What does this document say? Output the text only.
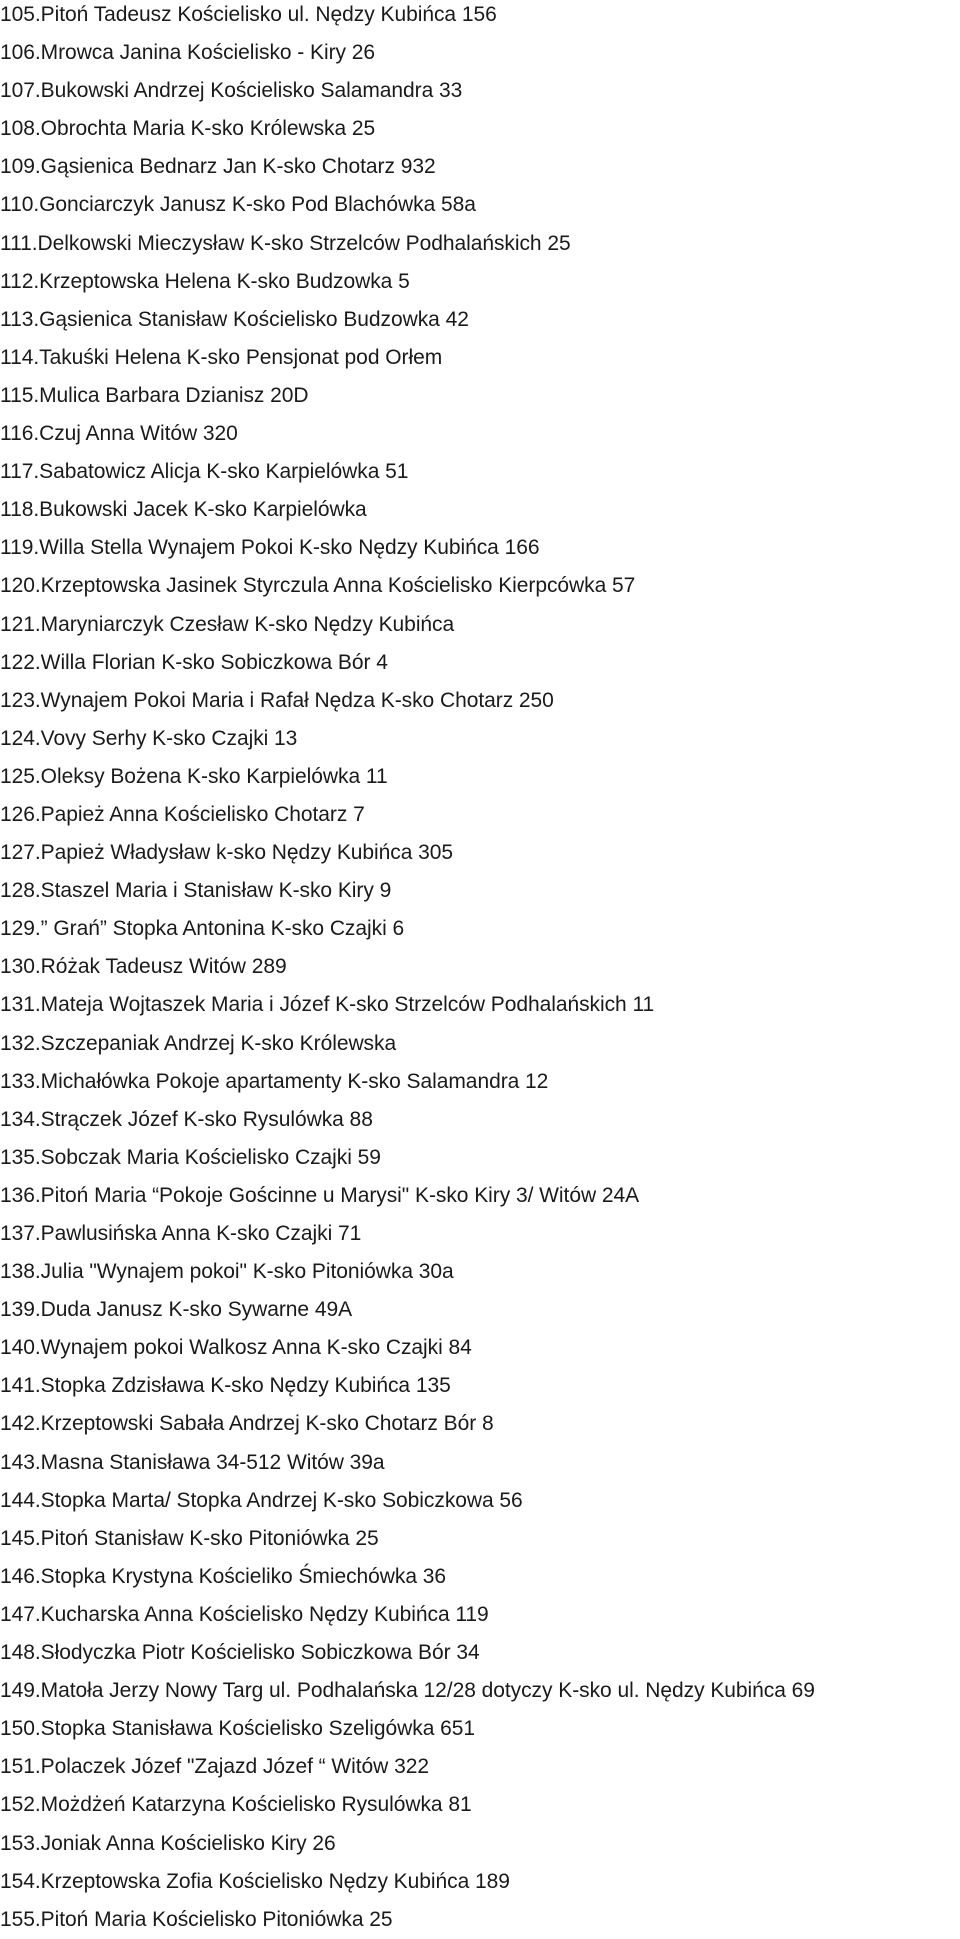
105.Pitoń Tadeusz Kościelisko ul. Nędzy Kubińca 156
106.Mrowca Janina Kościelisko - Kiry 26
107.Bukowski Andrzej Kościelisko Salamandra 33
108.Obrochta Maria K-sko Królewska 25
109.Gąsienica Bednarz Jan K-sko Chotarz 932
110.Gonciarczyk Janusz K-sko Pod Blachówka 58a
111.Delkowski Mieczysław K-sko Strzelców Podhalańskich 25
112.Krzeptowska Helena K-sko Budzowka 5
113.Gąsienica Stanisław Kościelisko Budzowka 42
114.Takuśki Helena K-sko Pensjonat pod Orłem
115.Mulica Barbara Dzianisz 20D
116.Czuj Anna Witów 320
117.Sabatowicz Alicja K-sko Karpielówka 51
118.Bukowski Jacek K-sko Karpielówka
119.Willa Stella Wynajem Pokoi K-sko Nędzy Kubińca 166
120.Krzeptowska Jasinek Styrczula Anna Kościelisko Kierpcówka 57
121.Maryniarczyk Czesław K-sko Nędzy Kubińca
122.Willa Florian K-sko Sobiczkowa Bór 4
123.Wynajem Pokoi Maria i Rafał Nędza K-sko Chotarz 250
124.Vovy Serhy K-sko Czajki 13
125.Oleksy Bożena K-sko Karpielówka 11
126.Papież Anna Kościelisko Chotarz 7
127.Papież Władysław k-sko Nędzy Kubińca 305
128.Staszel Maria i Stanisław K-sko Kiry 9
129.” Grań” Stopka Antonina K-sko Czajki 6
130.Różak Tadeusz Witów 289
131.Mateja Wojtaszek Maria i Józef K-sko Strzelców Podhalańskich 11
132.Szczepaniak Andrzej K-sko Królewska
133.Michałówka Pokoje apartamenty K-sko Salamandra 12
134.Strączek Józef K-sko Rysulówka 88
135.Sobczak Maria Kościelisko Czajki 59
136.Pitoń Maria “Pokoje Gościnne u Marysi" K-sko Kiry 3/ Witów 24A
137.Pawlusińska Anna K-sko Czajki 71
138.Julia "Wynajem pokoi" K-sko Pitoniówka 30a
139.Duda Janusz K-sko Sywarne 49A
140.Wynajem pokoi Walkosz Anna K-sko Czajki 84
141.Stopka Zdzisława K-sko Nędzy Kubińca 135
142.Krzeptowski Sabała Andrzej K-sko Chotarz Bór 8
143.Masna Stanisława 34-512 Witów 39a
144.Stopka Marta/ Stopka Andrzej K-sko Sobiczkowa 56
145.Pitoń Stanisław K-sko Pitoniówka 25
146.Stopka Krystyna Kościeliko Śmiechówka 36
147.Kucharska Anna Kościelisko Nędzy Kubińca 119
148.Słodyczka Piotr Kościelisko Sobiczkowa Bór 34
149.Matoła Jerzy Nowy Targ ul. Podhalańska 12/28 dotyczy K-sko ul. Nędzy Kubińca 69
150.Stopka Stanisława Kościelisko Szeligówka 651
151.Polaczek Józef "Zajazd Józef “ Witów 322
152.Możdżeń Katarzyna Kościelisko Rysulówka 81
153.Joniak Anna Kościelisko Kiry 26
154.Krzeptowska Zofia Kościelisko Nędzy Kubińca 189
155.Pitoń Maria Kościelisko Pitoniówka 25
